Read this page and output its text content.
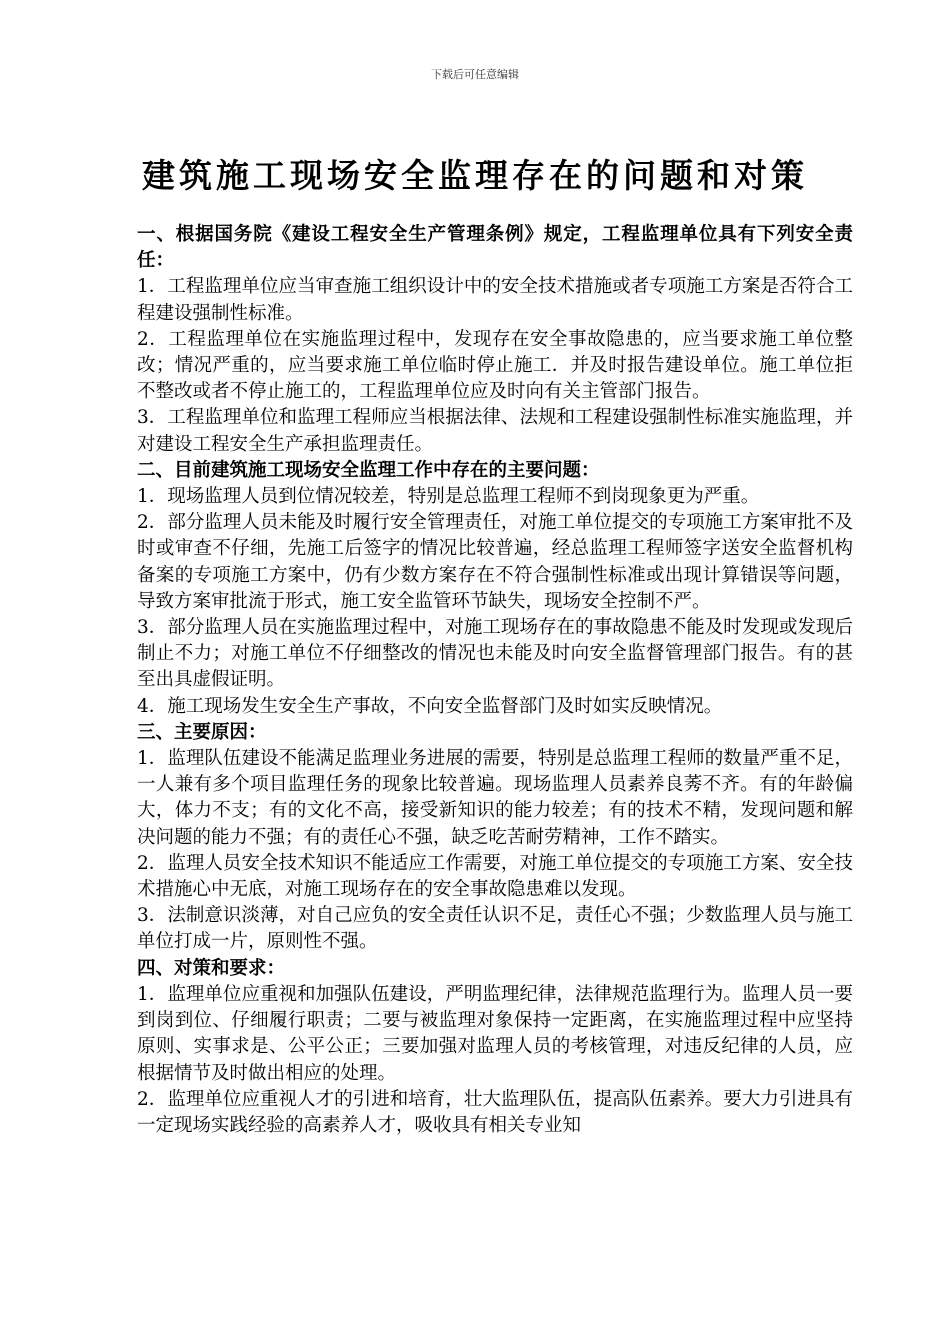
下载后可任意编辑
建筑施工现场安全监理存在的问题和对策

一、根据国务院《建设工程安全生产管理条例》规定，工程监理单位具有下列安全责任：

1．工程监理单位应当审查施工组织设计中的安全技术措施或者专项施工方案是否符合工程建设强制性标准。

2．工程监理单位在实施监理过程中，发现存在安全事故隐患的，应当要求施工单位整改；情况严重的，应当要求施工单位临时停止施工．并及时报告建设单位。施工单位拒不整改或者不停止施工的，工程监理单位应及时向有关主管部门报告。

3．工程监理单位和监理工程师应当根据法律、法规和工程建设强制性标准实施监理，并对建设工程安全生产承担监理责任。

二、目前建筑施工现场安全监理工作中存在的主要问题：

1．现场监理人员到位情况较差，特别是总监理工程师不到岗现象更为严重。

2．部分监理人员未能及时履行安全管理责任，对施工单位提交的专项施工方案审批不及时或审查不仔细，先施工后签字的情况比较普遍，经总监理工程师签字送安全监督机构备案的专项施工方案中，仍有少数方案存在不符合强制性标准或出现计算错误等问题，导致方案审批流于形式，施工安全监管环节缺失，现场安全控制不严。

3．部分监理人员在实施监理过程中，对施工现场存在的事故隐患不能及时发现或发现后制止不力；对施工单位不仔细整改的情况也未能及时向安全监督管理部门报告。有的甚至出具虚假证明。

4．施工现场发生安全生产事故，不向安全监督部门及时如实反映情况。

三、主要原因：

1．监理队伍建设不能满足监理业务进展的需要，特别是总监理工程师的数量严重不足，一人兼有多个项目监理任务的现象比较普遍。现场监理人员素养良莠不齐。有的年龄偏大，体力不支；有的文化不高，接受新知识的能力较差；有的技术不精，发现问题和解决问题的能力不强；有的责任心不强，缺乏吃苦耐劳精神，工作不踏实。

2．监理人员安全技术知识不能适应工作需要，对施工单位提交的专项施工方案、安全技术措施心中无底，对施工现场存在的安全事故隐患难以发现。

3．法制意识淡薄，对自己应负的安全责任认识不足，责任心不强；少数监理人员与施工单位打成一片，原则性不强。

四、对策和要求：

1．监理单位应重视和加强队伍建设，严明监理纪律，法律规范监理行为。监理人员一要到岗到位、仔细履行职责；二要与被监理对象保持一定距离，在实施监理过程中应坚持原则、实事求是、公平公正；三要加强对监理人员的考核管理，对违反纪律的人员，应根据情节及时做出相应的处理。

2．监理单位应重视人才的引进和培育，壮大监理队伍，提高队伍素养。要大力引进具有一定现场实践经验的高素养人才，吸收具有相关专业知
